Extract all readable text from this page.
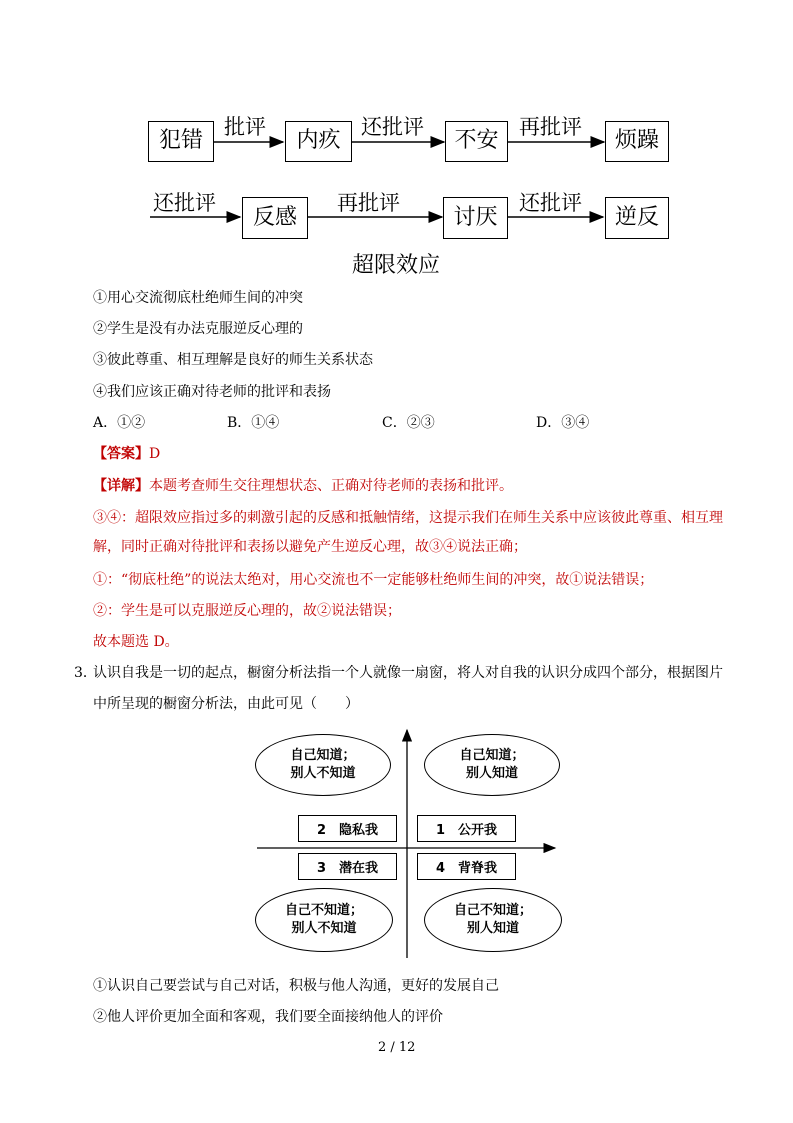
犯错	内疚	不安	烦躁
批评	还批评	再批评
还批评
反感
再批评
讨厌
还批评
逆反
超限效应
①用心交流彻底杜绝师生间的冲突
②学生是没有办法克服逆反心理的
③彼此尊重、相互理解是良好的师生关系状态
④我们应该正确对待老师的批评和表扬
A．①②	B．①④	C．②③	D．③④
【答案】D
【详解】本题考查师生交往理想状态、正确对待老师的表扬和批评。
③④：超限效应指过多的刺激引起的反感和抵触情绪，这提示我们在师生关系中应该彼此尊重、相互理
解，同时正确对待批评和表扬以避免产生逆反心理，故③④说法正确；
①：“彻底杜绝”的说法太绝对，用心交流也不一定能够杜绝师生间的冲突，故①说法错误；
②：学生是可以克服逆反心理的，故②说法错误；
故本题选 D。
3．
认识自我是一切的起点，橱窗分析法指一个人就像一扇窗，将人对自我的认识分成四个部分，根据图片
中所呈现的橱窗分析法，由此可见（　　）
自己知道；
别人不知道
自己知道；
别人知道
2　隐私我	1　公开我
3　潜在我	4　背脊我
自己不知道；
别人不知道
自己不知道；
别人知道
①认识自己要尝试与自己对话，积极与他人沟通，更好的发展自己
②他人评价更加全面和客观，我们要全面接纳他人的评价
2 / 12
